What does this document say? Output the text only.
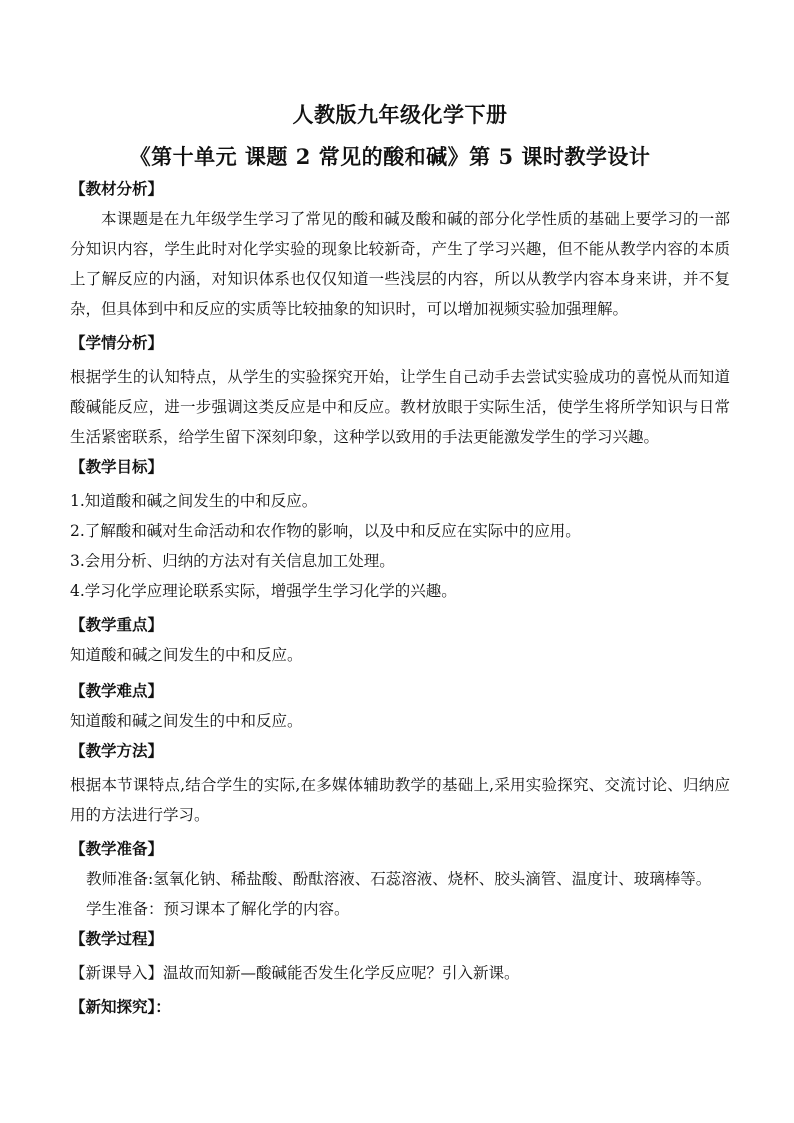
人教版九年级化学下册
《第十单元 课题 2 常见的酸和碱》第 5 课时教学设计
【教材分析】

本课题是在九年级学生学习了常见的酸和碱及酸和碱的部分化学性质的基础上要学习的一部分知识内容，学生此时对化学实验的现象比较新奇，产生了学习兴趣，但不能从教学内容的本质上了解反应的内涵，对知识体系也仅仅知道一些浅层的内容，所以从教学内容本身来讲，并不复杂，但具体到中和反应的实质等比较抽象的知识时，可以增加视频实验加强理解。

【学情分析】

根据学生的认知特点，从学生的实验探究开始，让学生自己动手去尝试实验成功的喜悦从而知道酸碱能反应，进一步强调这类反应是中和反应。教材放眼于实际生活，使学生将所学知识与日常生活紧密联系，给学生留下深刻印象，这种学以致用的手法更能激发学生的学习兴趣。

【教学目标】
1.知道酸和碱之间发生的中和反应。
2.了解酸和碱对生命活动和农作物的影响，以及中和反应在实际中的应用。
3.会用分析、归纳的方法对有关信息加工处理。
4.学习化学应理论联系实际，增强学生学习化学的兴趣。
【教学重点】
知道酸和碱之间发生的中和反应。
【教学难点】
知道酸和碱之间发生的中和反应。
【教学方法】

根据本节课特点,结合学生的实际,在多媒体辅助教学的基础上,采用实验探究、交流讨论、归纳应用的方法进行学习。

【教学准备】
教师准备:氢氧化钠、稀盐酸、酚酞溶液、石蕊溶液、烧杯、胶头滴管、温度计、玻璃棒等。
学生准备：预习课本了解化学的内容。
【教学过程】
【新课导入】温故而知新—酸碱能否发生化学反应呢？引入新课。
【新知探究】：
